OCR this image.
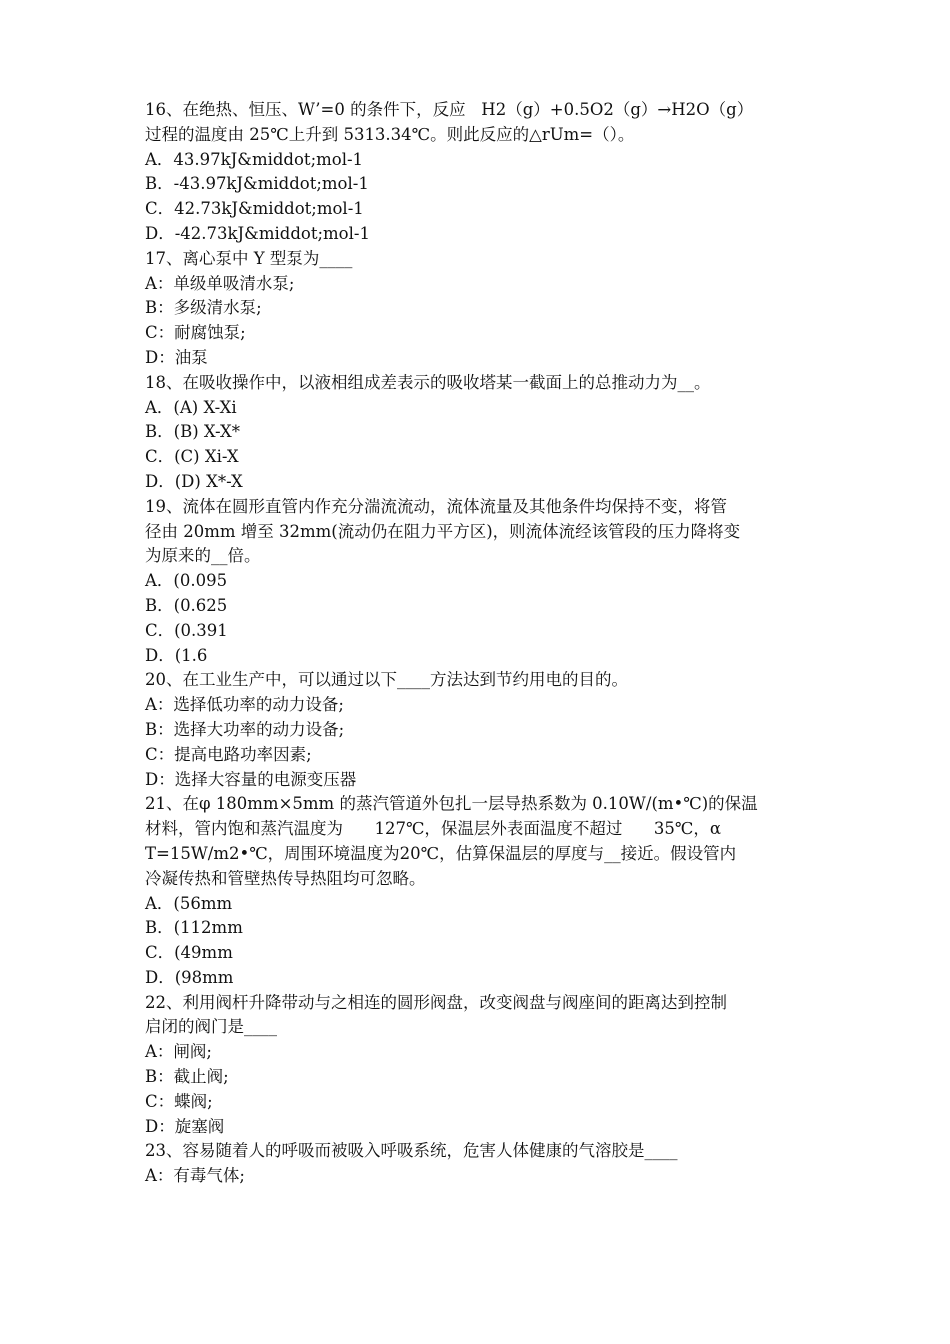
16、在绝热、恒压、W’=0 的条件下，反应   H2（g）+0.5O2（g）→H2O（g）
过程的温度由 25℃上升到 5313.34℃。则此反应的△rUm=（）。
A．43.97kJ&middot;mol-1
B．-43.97kJ&middot;mol-1
C．42.73kJ&middot;mol-1
D．-42.73kJ&middot;mol-1
17、离心泵中 Y 型泵为____
A：单级单吸清水泵;
B：多级清水泵;
C：耐腐蚀泵;
D：油泵
18、在吸收操作中，以液相组成差表示的吸收塔某一截面上的总推动力为__。
A．(A) X-Xi
B．(B) X-X*
C．(C) Xi-X
D．(D) X*-X
19、流体在圆形直管内作充分湍流流动，流体流量及其他条件均保持不变，将管
径由 20mm 增至 32mm(流动仍在阻力平方区)，则流体流经该管段的压力降将变
为原来的__倍。
A．(0.095
B．(0.625
C．(0.391
D．(1.6
20、在工业生产中，可以通过以下____方法达到节约用电的目的。
A：选择低功率的动力设备;
B：选择大功率的动力设备;
C：提高电路功率因素;
D：选择大容量的电源变压器
21、在φ 180mm×5mm 的蒸汽管道外包扎一层导热系数为 0.10W/(m•℃)的保温
材料，管内饱和蒸汽温度为      127℃，保温层外表面温度不超过      35℃，α
T=15W/m2•℃，周围环境温度为20℃，估算保温层的厚度与__接近。假设管内
冷凝传热和管壁热传导热阻均可忽略。
A．(56mm
B．(112mm
C．(49mm
D．(98mm
22、利用阀杆升降带动与之相连的圆形阀盘，改变阀盘与阀座间的距离达到控制
启闭的阀门是____
A：闸阀;
B：截止阀;
C：蝶阀;
D：旋塞阀
23、容易随着人的呼吸而被吸入呼吸系统，危害人体健康的气溶胶是____
A：有毒气体;
